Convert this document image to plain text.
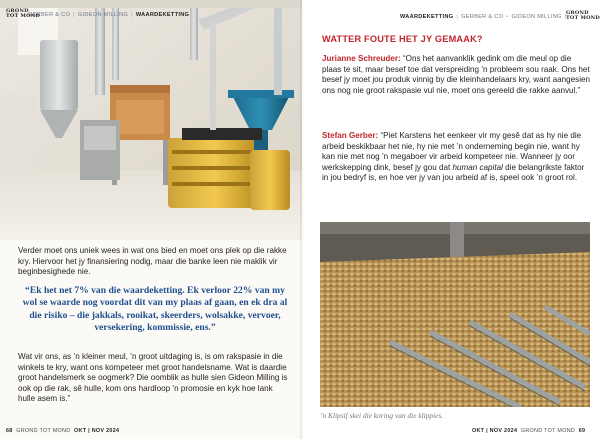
GERBER & CO | GIDEON MILLING | WAARDEKETTING
GROND
TOT MOND
Verder moet ons uniek wees in wat ons bied en moet ons plek op die rakke kry. Hiervoor het jy finansiering nodig, maar die banke leen nie maklik vir beginbesighede nie.
“Ek het net 7% van die waardeketting. Ek verloor 22% van my wol se waarde nog voordat dit van my plaas af gaan, en ek dra al die risiko – die jakkals, rooikat, skeerders, wolsakke, vervoer, versekering, kommissie, ens.”
Wat vir ons, as ’n kleiner meul, ’n groot uitdaging is, is om rakspasie in die winkels te kry, want ons kompeteer met groot handelsname. Wat is daardie groot handelsmerk se oogmerk? Die oomblik as hulle sien Gideon Milling is ook op die rak, sê hulle, kom ons hardloop ’n promosie en kyk hoe lank hulle asem is.”
68 GROND TOT MOND OKT | NOV 2024
WAARDEKETTING | GERBER & CO • GIDEON MILLING |
GROND
TOT MOND
WATTER FOUTE HET JY GEMAAK?
Jurianne Schreuder: “Ons het aanvanklik gedink om die meul op die plaas te sit, maar besef toe dat verspreiding ’n probleem sou raak. Ons het besef jy moet jou produk vinnig by die kleinhandelaars kry, want aangesien ons nog nie groot rakspasie vul nie, moet ons gereeld die rakke aanvul.”
Stefan Gerber: “Piet Karstens het eenkeer vir my gesê dat as hy nie die arbeid beskikbaar het nie, hy nie met ’n onderneming begin nie, want hy kan nie met nog ’n megaboer vir arbeid kompeteer nie. Wanneer jy oor werkskepping dink, besef jy gou dat human capital die belangrikste faktor in jou bedryf is, en hoe ver jy van jou arbeid af is, speel ook ’n groot rol.
’n Klipsif skei die koring van die klippies.
OKT | NOV 2024 GROND TOT MOND 69
